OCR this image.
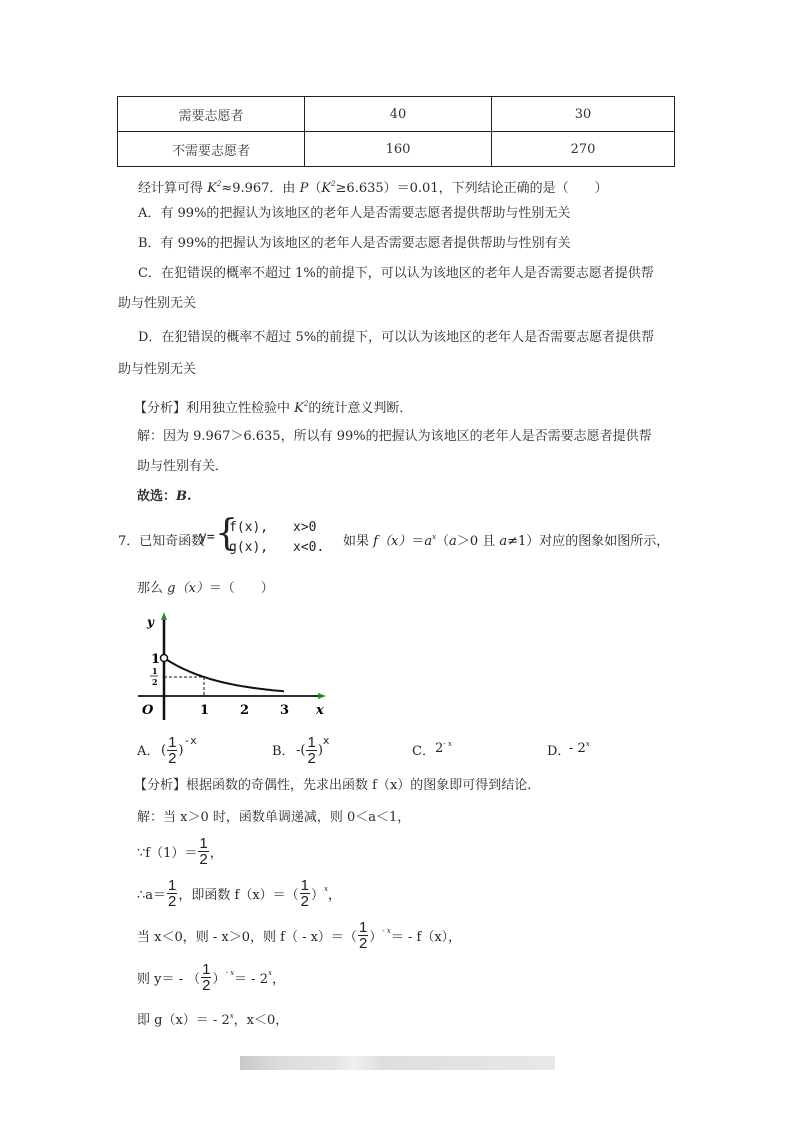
需要志愿者	40	30
不需要志愿者	160	270
经计算可得 $K^2\approx 9.967$．由 $P(K^2\ge 6.635)=0.01$，下列结论正确的是（　　）
A．有 99%的把握认为该地区的老年人是否需要志愿者提供帮助与性别无关
B．有 99%的把握认为该地区的老年人是否需要志愿者提供帮助与性别有关
C．在犯错误的概率不超过 1%的前提下，可以认为该地区的老年人是否需要志愿者提供帮
助与性别无关
D．在犯错误的概率不超过 5%的前提下，可以认为该地区的老年人是否需要志愿者提供帮
助与性别无关
【分析】利用独立性检验中 $K^2$的统计意义判断．
解：因为 9.967＞6.635，所以有 99%的把握认为该地区的老年人是否需要志愿者提供帮
助与性别有关．
故选：B.
7．已知奇函数
y= {
f(x), x>0
g(x), x<0. 如果 $f(x)=a^x(a>0$ 且 a≠1）对应的图象如图所示，
那么 g（x）＝（　　）
y
1
1
2
O	1 2 3 x
A． ( $\frac{1}{2} )^{-x}$
B． -( $\frac{1}{2} )^x$
C． $2^{- x}$	D．
- 2$^x$
【分析】根据函数的奇偶性，先求出函数 f（x）的图象即可得到结论．
解：当 x＞0 时，函数单调递减，则 0＜a＜1，
∵f（1）＝ $\frac{1}{2}$ ，
∴a＝ $\frac{1}{2}$ ，即函数 $f(x)=( \frac{1}{2} )^x$，
当 x＜0，则 - x＞0，则 $f( - x)=( \frac{1}{2} )^{- x}= - f(x)$，
则 y＝ - （ $\frac{1}{2} )^{- x}= - 2^x$，
即 g（x）＝ - 2$^x$，x＜0，
